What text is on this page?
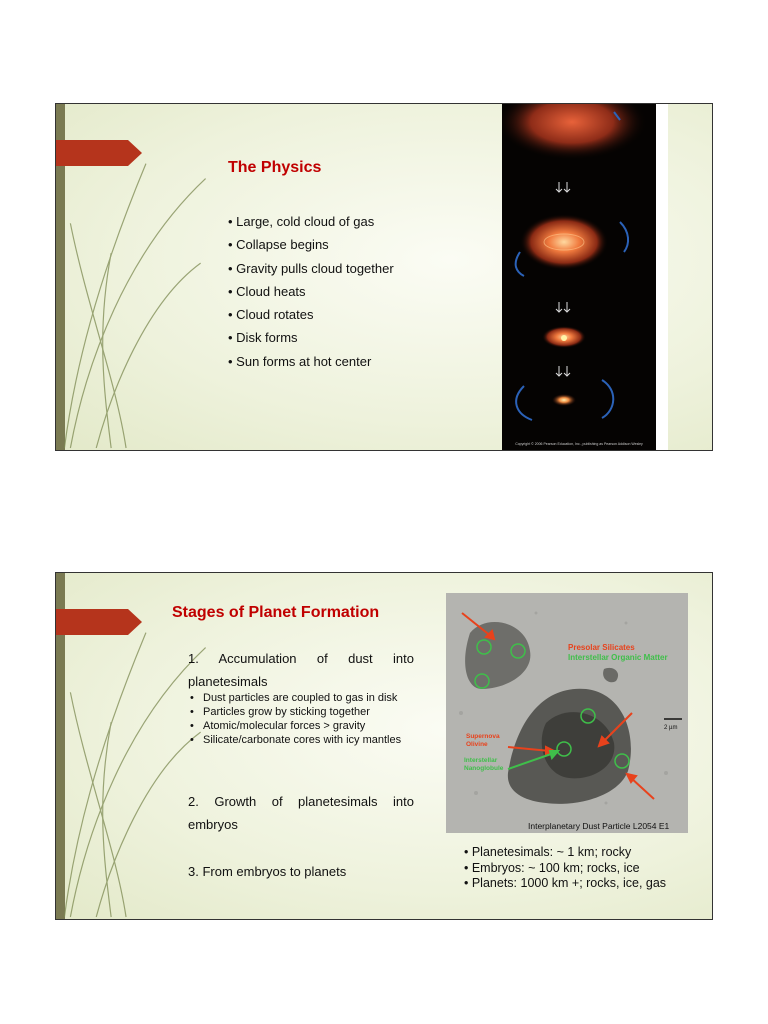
The Physics
• Large, cold cloud of gas
• Collapse begins
• Gravity pulls cloud together
• Cloud heats
• Cloud rotates
• Disk forms
• Sun forms at hot center
Copyright © 2006 Pearson Education, Inc., publishing as Pearson Addison Wesley
Stages of Planet Formation
1. Accumulation of dust into planetesimals
• Dust particles are coupled to gas in disk
• Particles grow by sticking together
• Atomic/molecular forces > gravity
• Silicate/carbonate cores with icy mantles
2. Growth of planetesimals into embryos
3. From embryos to planets
Presolar Silicates
Interstellar Organic Matter
Supernova Olivine
Interstellar Nanoglobule
2 µm
Interplanetary Dust Particle L2054 E1
• Planetesimals: ~ 1 km; rocky
• Embryos: ~ 100 km; rocks, ice
• Planets: 1000 km +; rocks, ice, gas
